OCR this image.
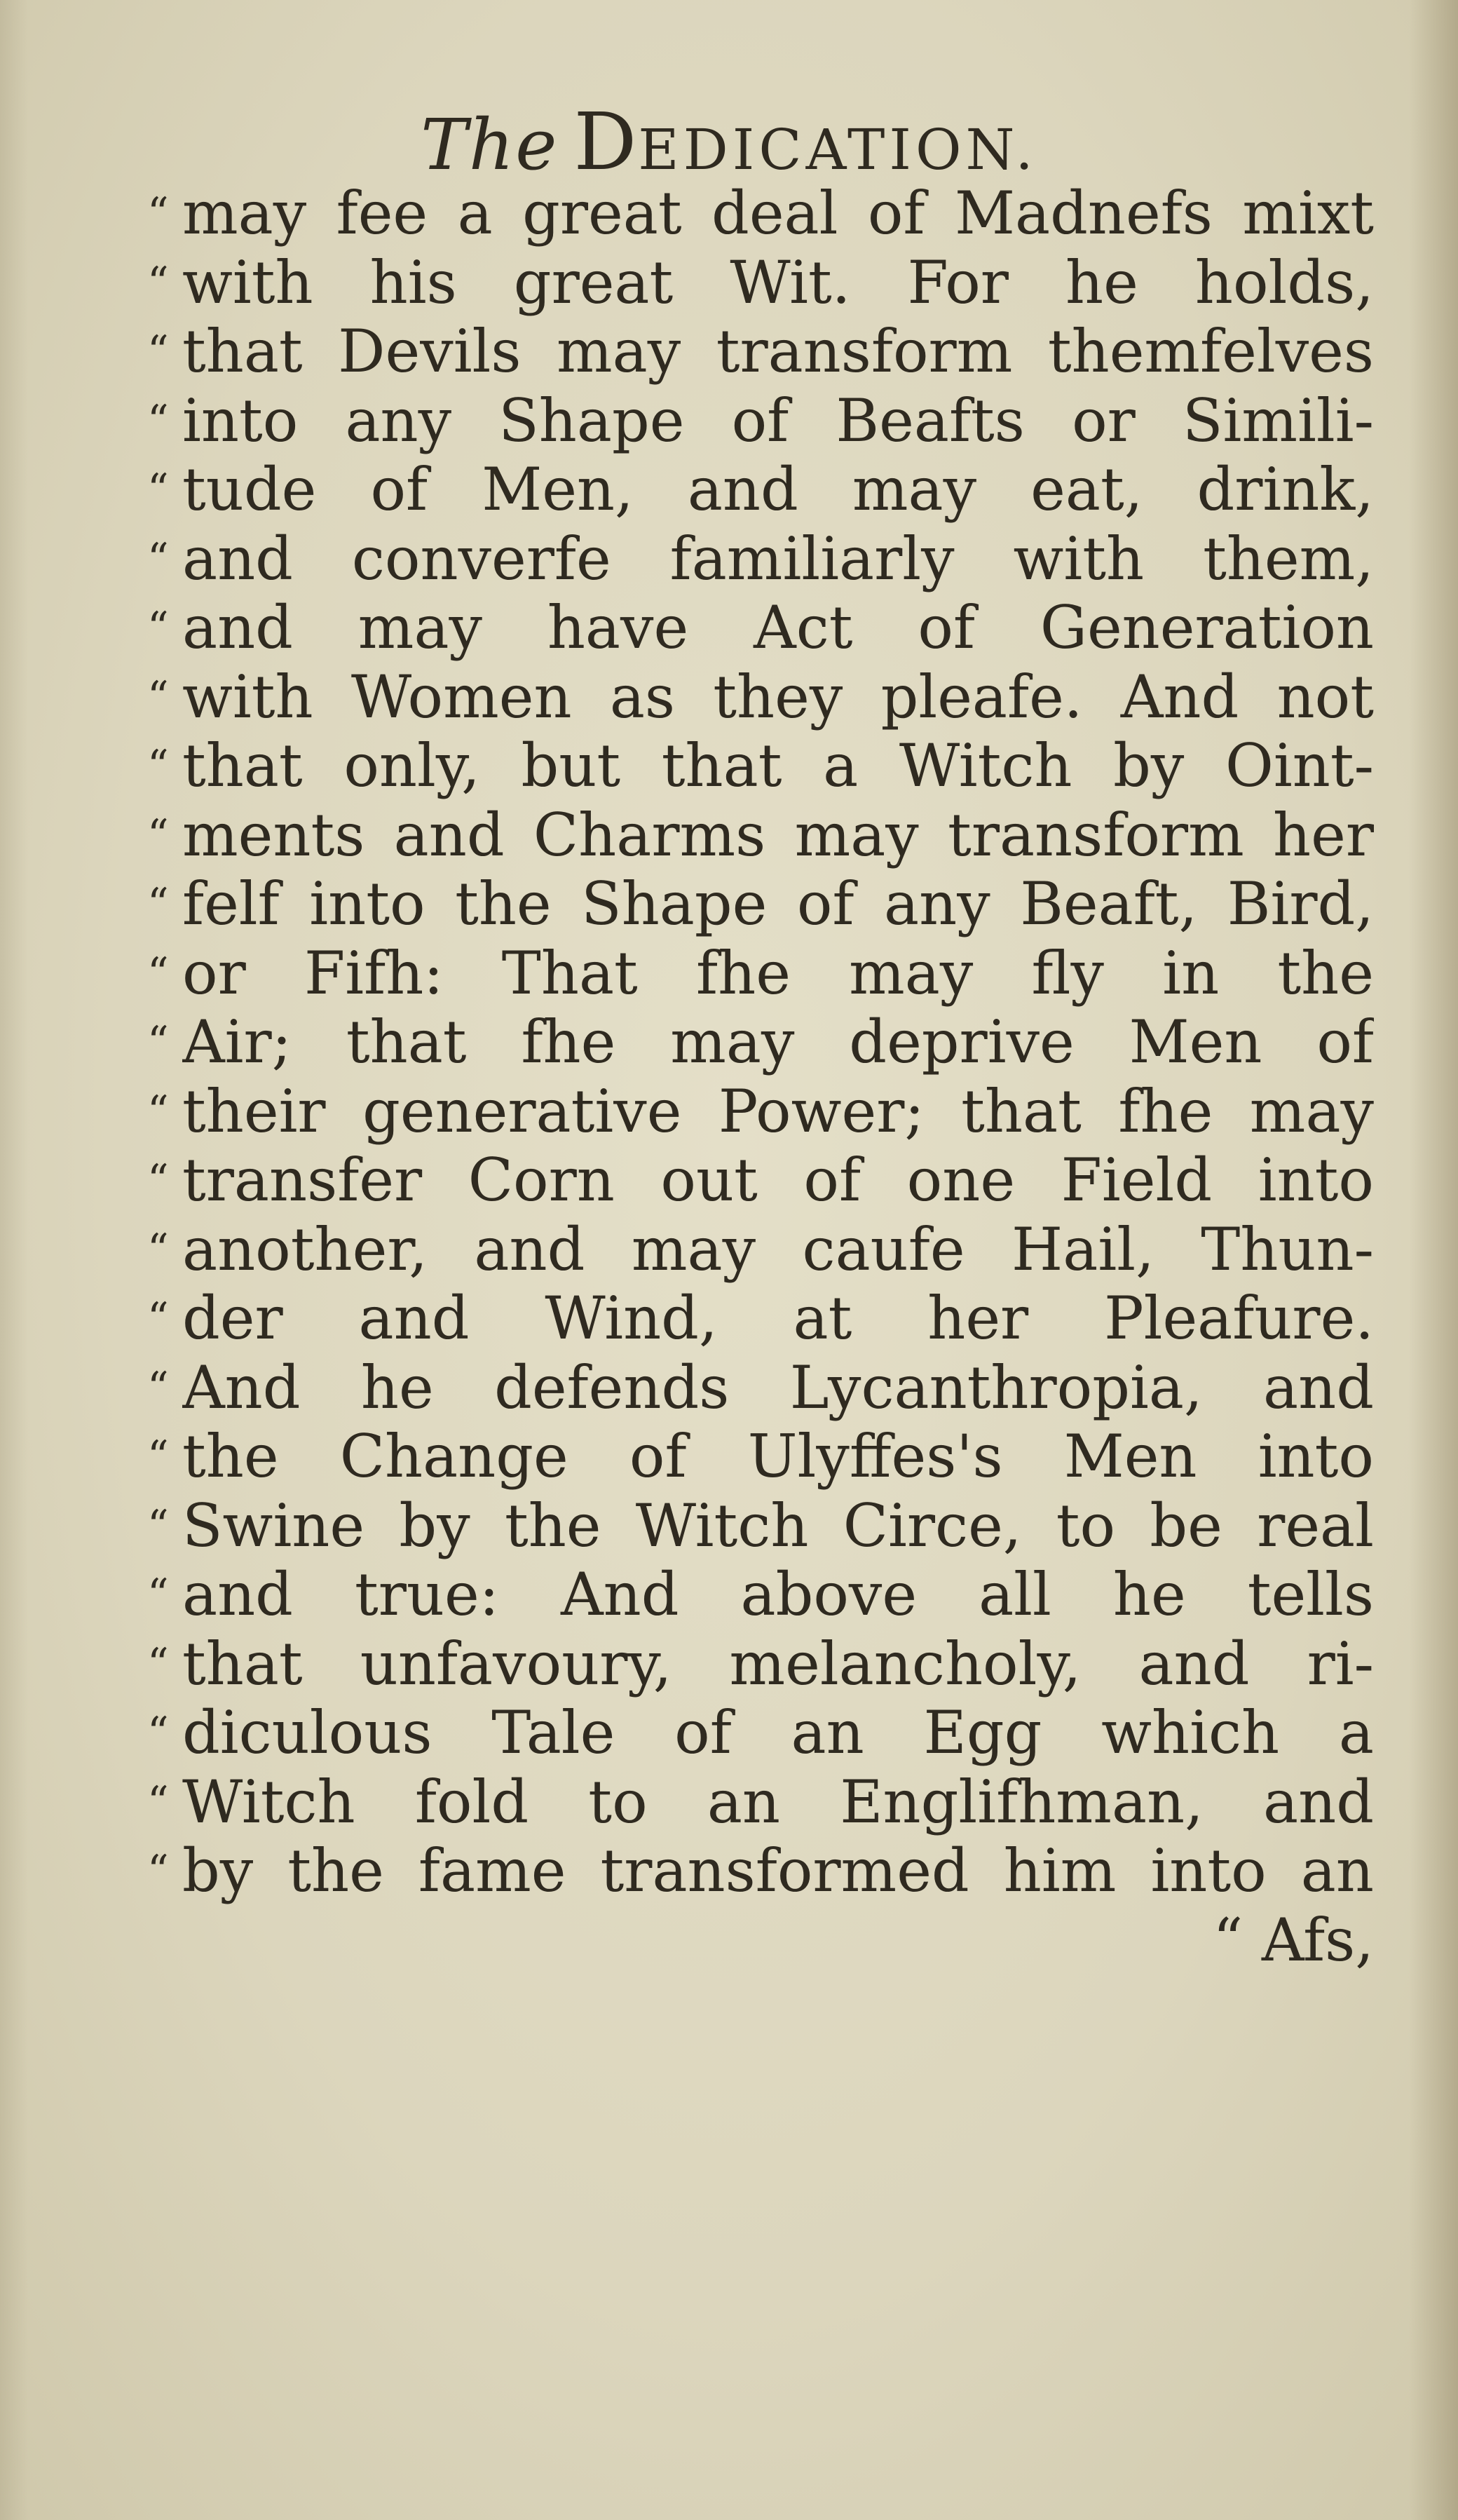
The DEDICATION.
“ may fee a great deal of Madnefs mixt
“ with his great Wit. For he holds,
“ that Devils may transform themfelves
“ into any Shape of Beafts or Simili-
“ tude of Men, and may eat, drink,
“ and converfe familiarly with them,
“ and may have Act of Generation
“ with Women as they pleafe. And not
“ that only, but that a Witch by Oint-
“ ments and Charms may transform her
“ felf into the Shape of any Beaft, Bird,
“ or Fifh: That fhe may fly in the
“ Air; that fhe may deprive Men of
“ their generative Power; that fhe may
“ transfer Corn out of one Field into
“ another, and may caufe Hail, Thun-
“ der and Wind, at her Pleafure.
“ And he defends Lycanthropia, and
“ the Change of Ulyffes's Men into
“ Swine by the Witch Circe, to be real
“ and true: And above all he tells
“ that unfavoury, melancholy, and ri-
“ diculous Tale of an Egg which a
“ Witch fold to an Englifhman, and
“ by the fame transformed him into an
“ Afs,
